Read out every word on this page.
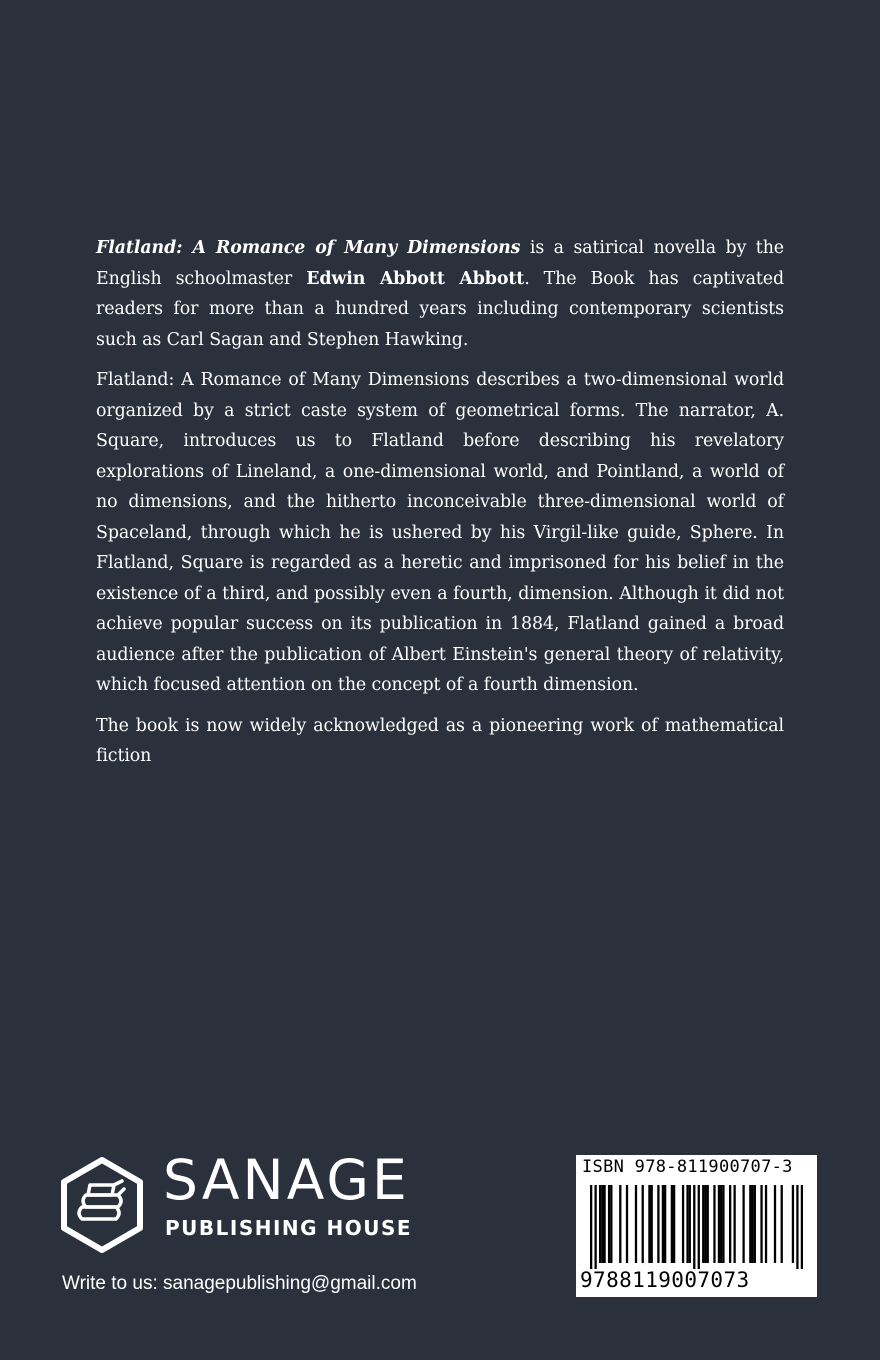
Flatland: A Romance of Many Dimensions is a satirical novella by the English schoolmaster Edwin Abbott Abbott. The Book has captivated readers for more than a hundred years including contemporary scientists such as Carl Sagan and Stephen Hawking.

Flatland: A Romance of Many Dimensions describes a two-dimensional world organized by a strict caste system of geometrical forms. The narrator, A. Square, introduces us to Flatland before describing his revelatory explorations of Lineland, a one-dimensional world, and Pointland, a world of no dimensions, and the hitherto inconceivable three-dimensional world of Spaceland, through which he is ushered by his Virgil-like guide, Sphere. In Flatland, Square is regarded as a heretic and imprisoned for his belief in the existence of a third, and possibly even a fourth, dimension. Although it did not achieve popular success on its publication in 1884, Flatland gained a broad audience after the publication of Albert Einstein's general theory of relativity, which focused attention on the concept of a fourth dimension.

The book is now widely acknowledged as a pioneering work of mathematical fiction

SANAGE
PUBLISHING HOUSE
Write to us: sanagepublishing@gmail.com
ISBN 978-811900707-3
9788119007073
